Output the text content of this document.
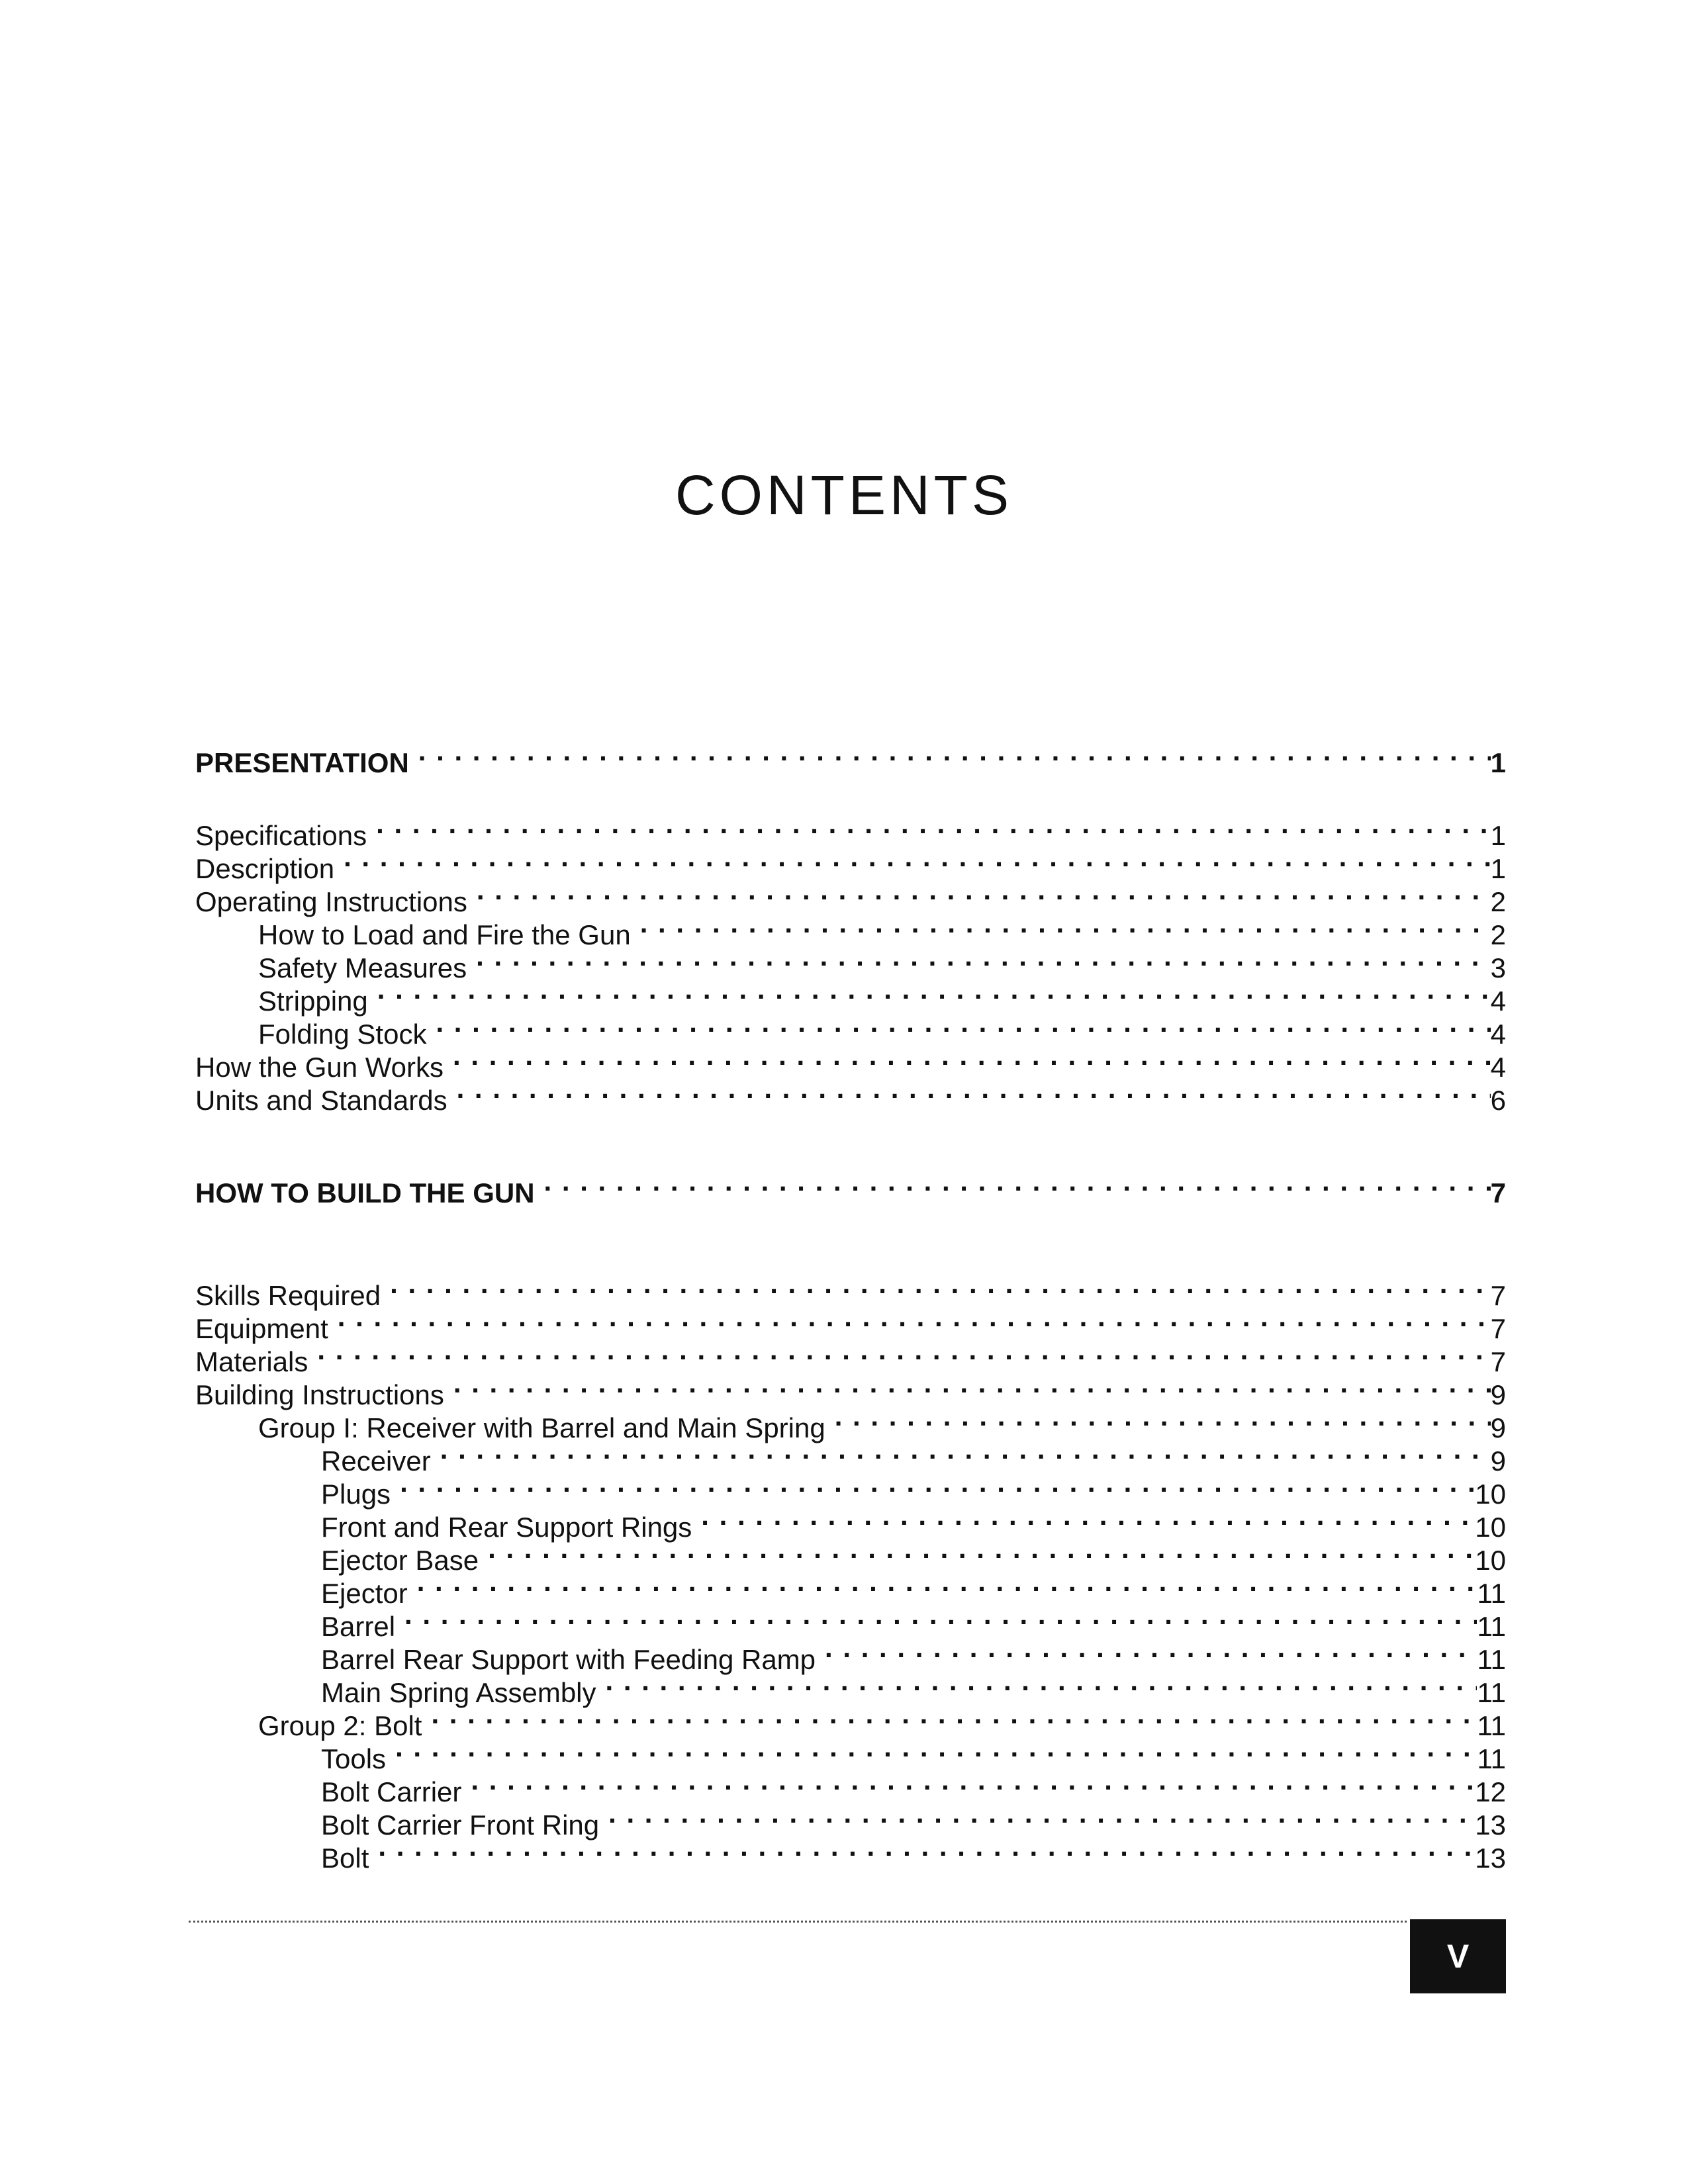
CONTENTS
PRESENTATION . . .	1
Specifications . . .	1
Description . . .	1
Operating Instructions . . .	2
How to Load and Fire the Gun . . .	2
Safety Measures . . .	3
Stripping . . .	4
Folding Stock . . .	4
How the Gun Works . . .	4
Units and Standards . . .	6
HOW TO BUILD THE GUN . . .	7
Skills Required . . .	7
Equipment . . .	7
Materials . . .	7
Building Instructions . . .	9
Group I: Receiver with Barrel and Main Spring . . .	9
Receiver . . .	9
Plugs . . .	10
Front and Rear Support Rings . . .	10
Ejector Base . . .	10
Ejector . . .	11
Barrel . . .	11
Barrel Rear Support with Feeding Ramp . . .	11
Main Spring Assembly . . .	11
Group 2: Bolt . . .	11
Tools . . .	11
Bolt Carrier . . .	12
Bolt Carrier Front Ring . . .	13
Bolt . . .	13
V
